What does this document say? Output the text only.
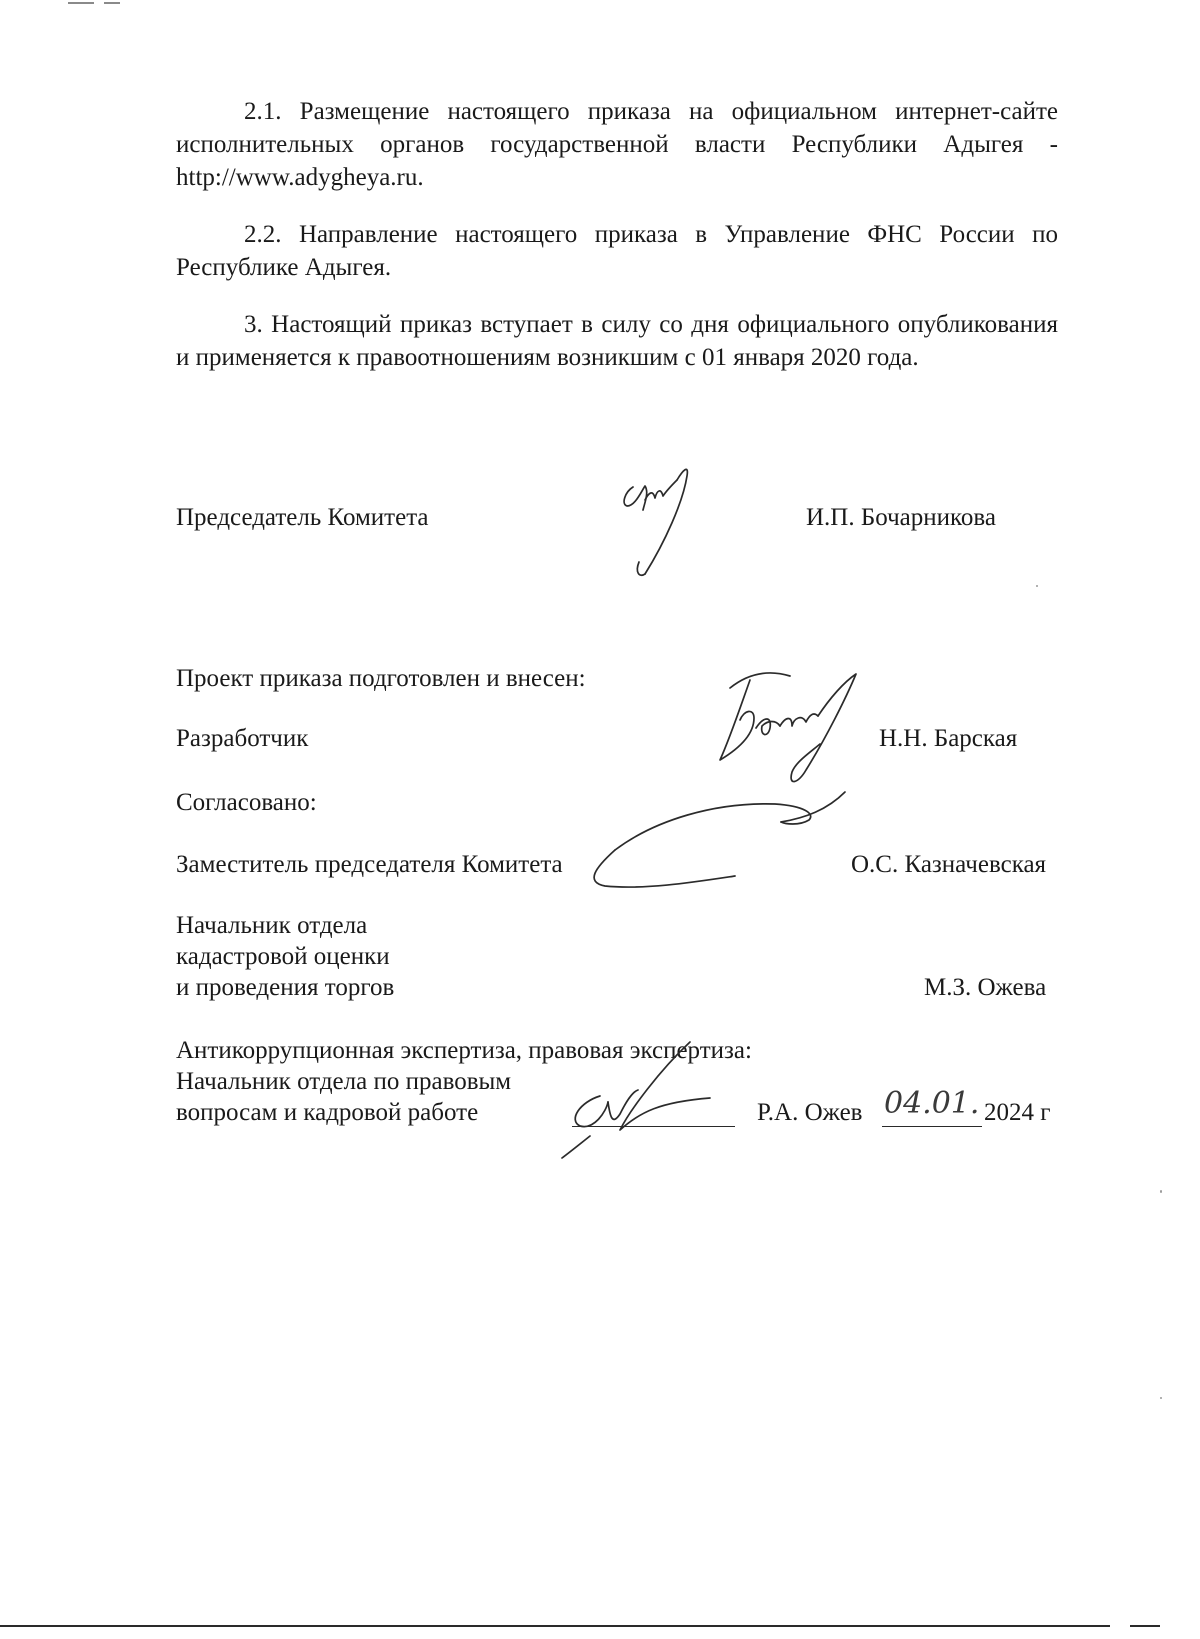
2.1. Размещение настоящего приказа на официальном интернет-сайте исполнительных органов государственной власти Республики Адыгея - http://www.adygheya.ru.

2.2. Направление настоящего приказа в Управление ФНС России по Республике Адыгея.

3. Настоящий приказ вступает в силу со дня официального опубликования и применяется к правоотношениям возникшим с 01 января 2020 года.

Председатель Комитета	И.П. Бочарникова
Проект приказа подготовлен и внесен:
Разработчик	Н.Н. Барская
Согласовано:
Заместитель председателя Комитета	О.С. Казначевская
Начальник отдела
кадастровой оценки
и проведения торгов	М.З. Ожева
Антикоррупционная экспертиза, правовая экспертиза:
Начальник отдела по правовым
вопросам и кадровой работе	Р.А. Ожев 04.01. 2024 г
